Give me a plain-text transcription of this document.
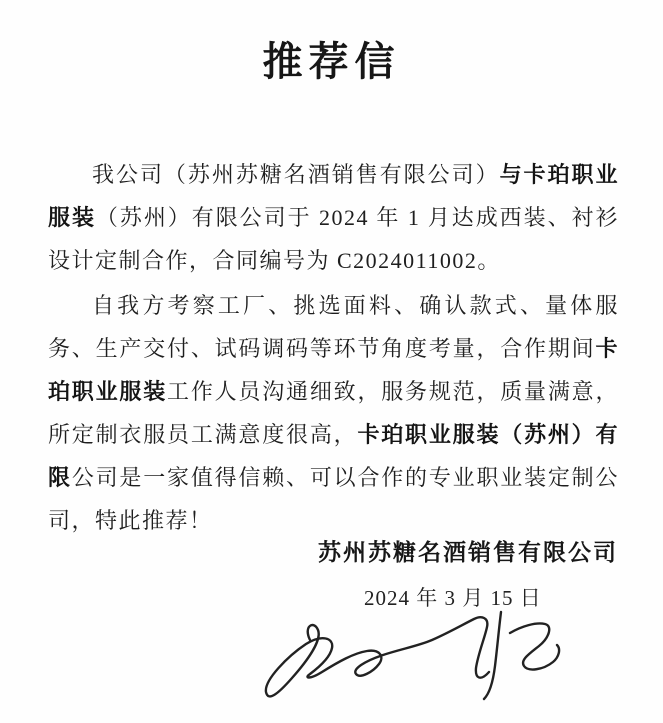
推荐信

我公司（苏州苏糖名酒销售有限公司）与卡珀职业服装（苏州）有限公司于 2024 年 1 月达成西装、衬衫设计定制合作，合同编号为 C2024011002。

自我方考察工厂、挑选面料、确认款式、量体服务、生产交付、试码调码等环节角度考量，合作期间卡珀职业服装工作人员沟通细致，服务规范，质量满意，所定制衣服员工满意度很高，卡珀职业服装（苏州）有限公司是一家值得信赖、可以合作的专业职业装定制公司，特此推荐！

苏州苏糖名酒销售有限公司
2024 年 3 月 15 日
